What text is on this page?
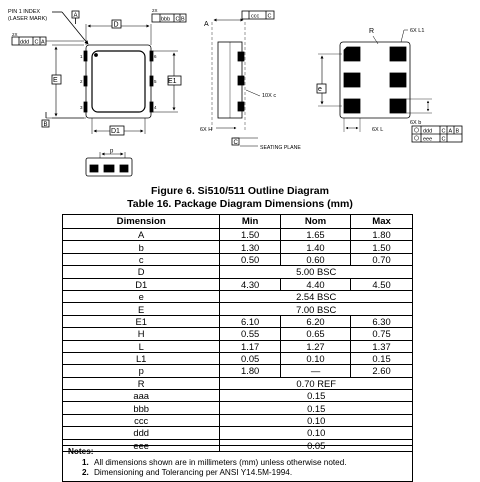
PIN 1 INDEX
(LASER MARK)	A
D
2X
bbb C B
2X
ddd C A
1
2
3	4
5
6
E	E1
D1
B
p
A
ccc C
10X c
6X H
C
SEATING PLANE
R	6X L1
e
6X L
6X b
ddd C A B
eee C
Figure 6. Si510/511 Outline Diagram
Table 16. Package Diagram Dimensions (mm)
Dimension	Min	Nom	Max
A	1.50	1.65	1.80
b	1.30	1.40	1.50
c	0.50	0.60	0.70
D	5.00 BSC		
D1	4.30	4.40	4.50
e	2.54 BSC		
E	7.00 BSC		
E1	6.10	6.20	6.30
H	0.55	0.65	0.75
L	1.17	1.27	1.37
L1	0.05	0.10	0.15
p	1.80	—	2.60
R	0.70 REF		
aaa	0.15		
bbb	0.15		
ccc	0.10		
ddd	0.10		
eee	0.05		
Notes:
1. All dimensions shown are in millimeters (mm) unless otherwise noted.
2. Dimensioning and Tolerancing per ANSI Y14.5M-1994.
